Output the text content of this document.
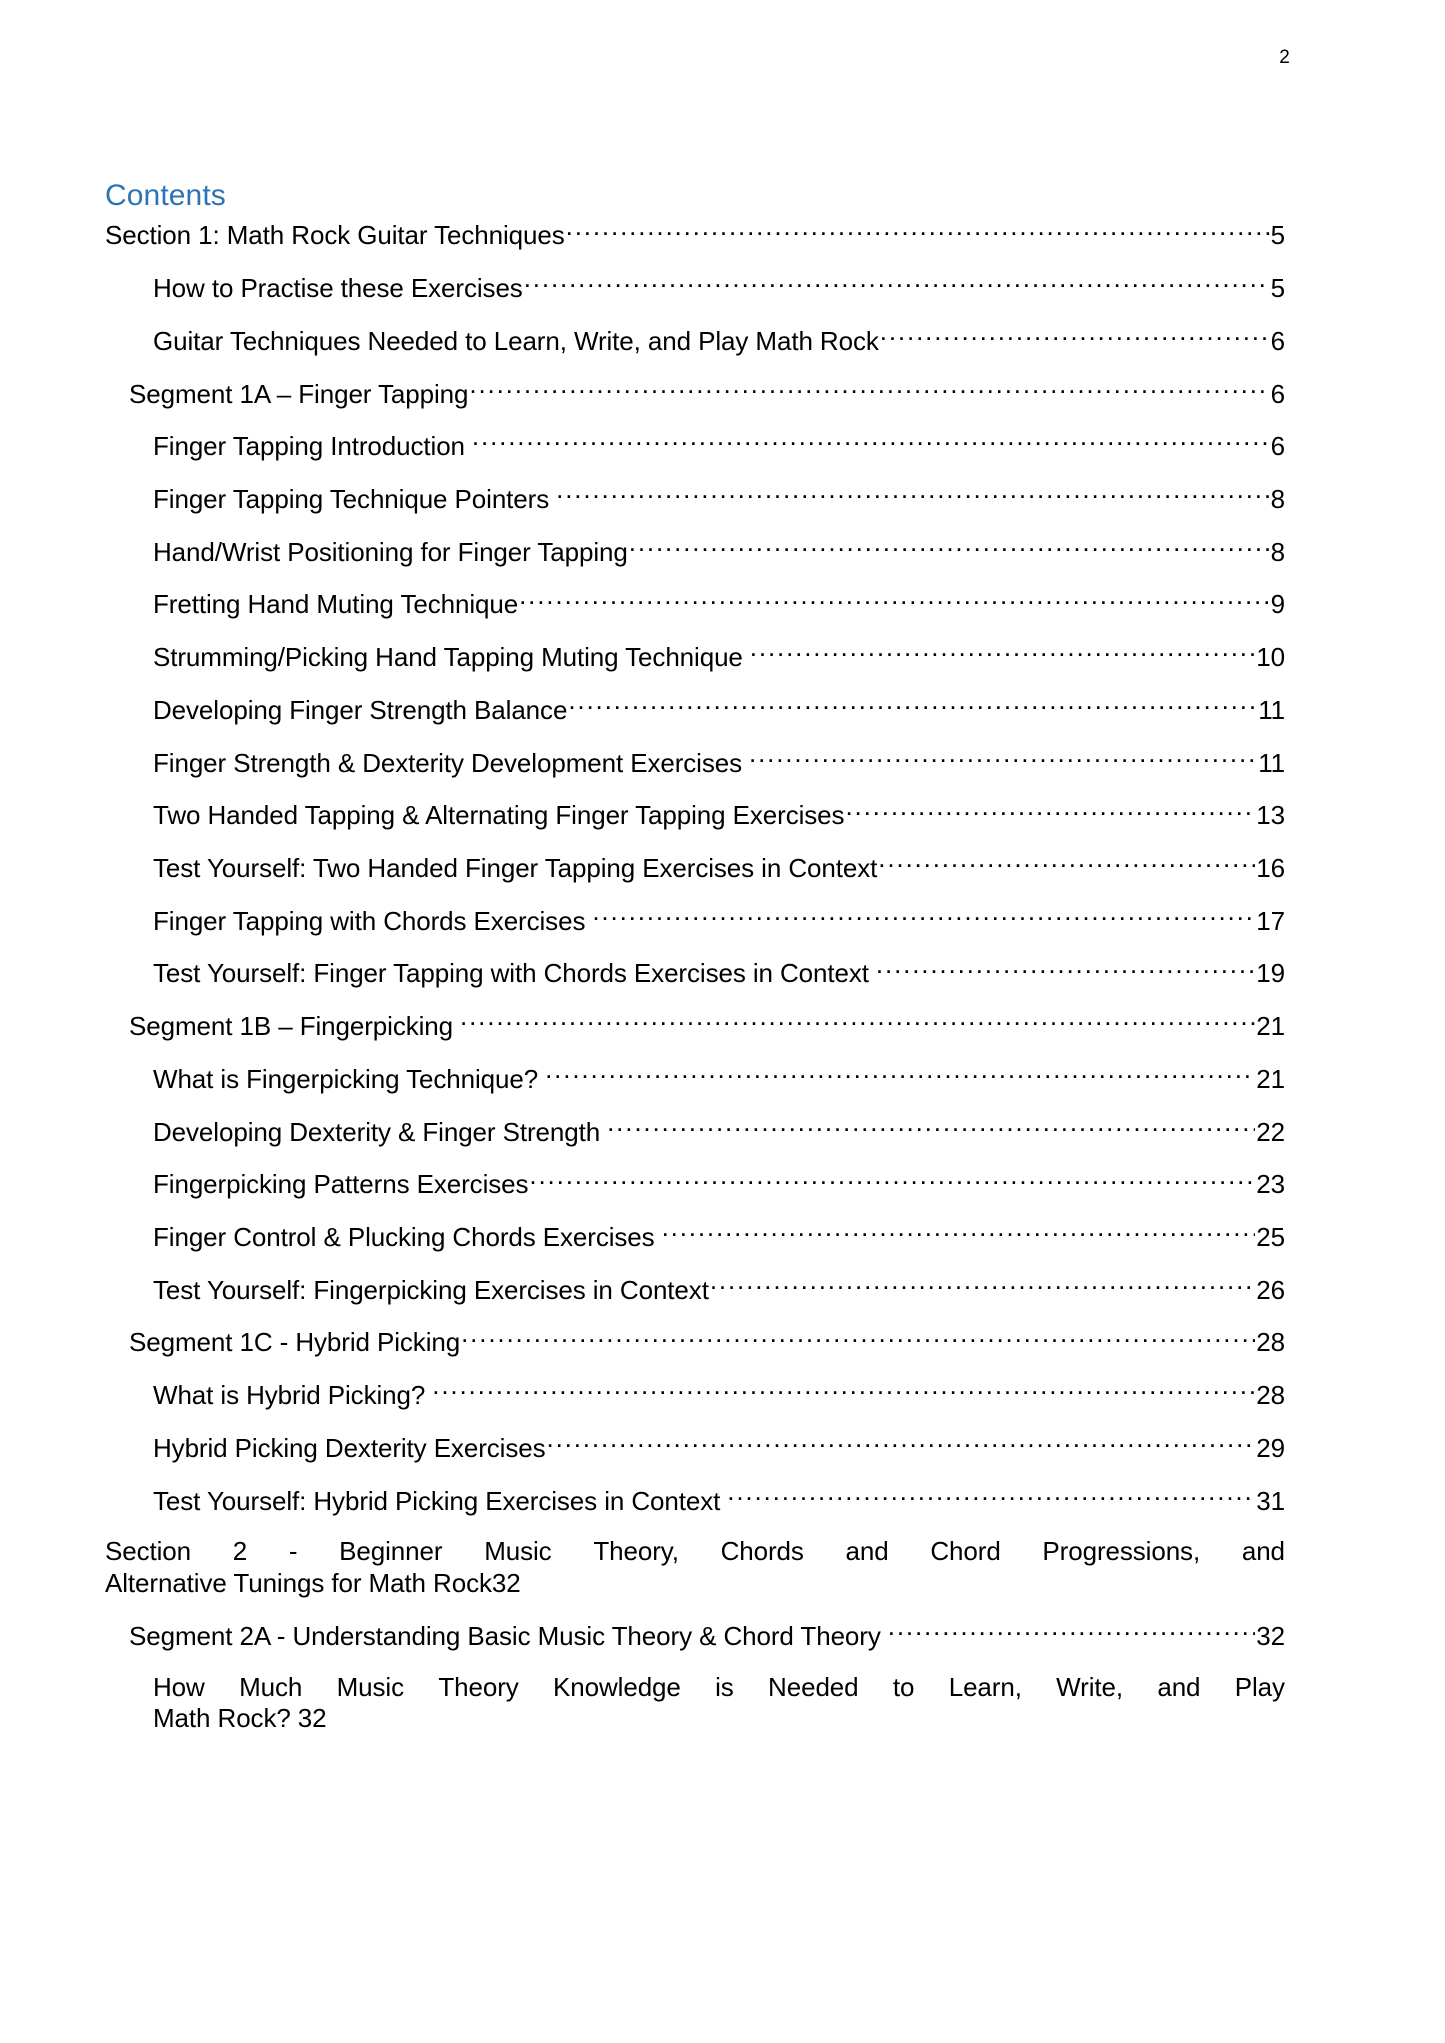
2
Contents
Section 1: Math Rock Guitar Techniques .....	5
How to Practise these Exercises .....	5
Guitar Techniques Needed to Learn, Write, and Play Math Rock .....	6
Segment 1A – Finger Tapping .....	6
Finger Tapping Introduction .....	6
Finger Tapping Technique Pointers .....	8
Hand/Wrist Positioning for Finger Tapping .....	8
Fretting Hand Muting Technique .....	9
Strumming/Picking Hand Tapping Muting Technique .....	10
Developing Finger Strength Balance .....	11
Finger Strength & Dexterity Development Exercises .....	11
Two Handed Tapping & Alternating Finger Tapping Exercises .....	13
Test Yourself: Two Handed Finger Tapping Exercises in Context .....	16
Finger Tapping with Chords Exercises .....	17
Test Yourself: Finger Tapping with Chords Exercises in Context .....	19
Segment 1B – Fingerpicking .....	21
What is Fingerpicking Technique? .....	21
Developing Dexterity & Finger Strength .....	22
Fingerpicking Patterns Exercises .....	23
Finger Control & Plucking Chords Exercises .....	25
Test Yourself: Fingerpicking Exercises in Context .....	26
Segment 1C - Hybrid Picking .....	28
What is Hybrid Picking? .....	28
Hybrid Picking Dexterity Exercises .....	29
Test Yourself: Hybrid Picking Exercises in Context .....	31
Section 2 - Beginner Music Theory, Chords and Chord Progressions, and
Alternative Tunings for Math Rock 32
Segment 2A - Understanding Basic Music Theory & Chord Theory .....	32
How Much Music Theory Knowledge is Needed to Learn, Write, and Play
Math Rock? 32
